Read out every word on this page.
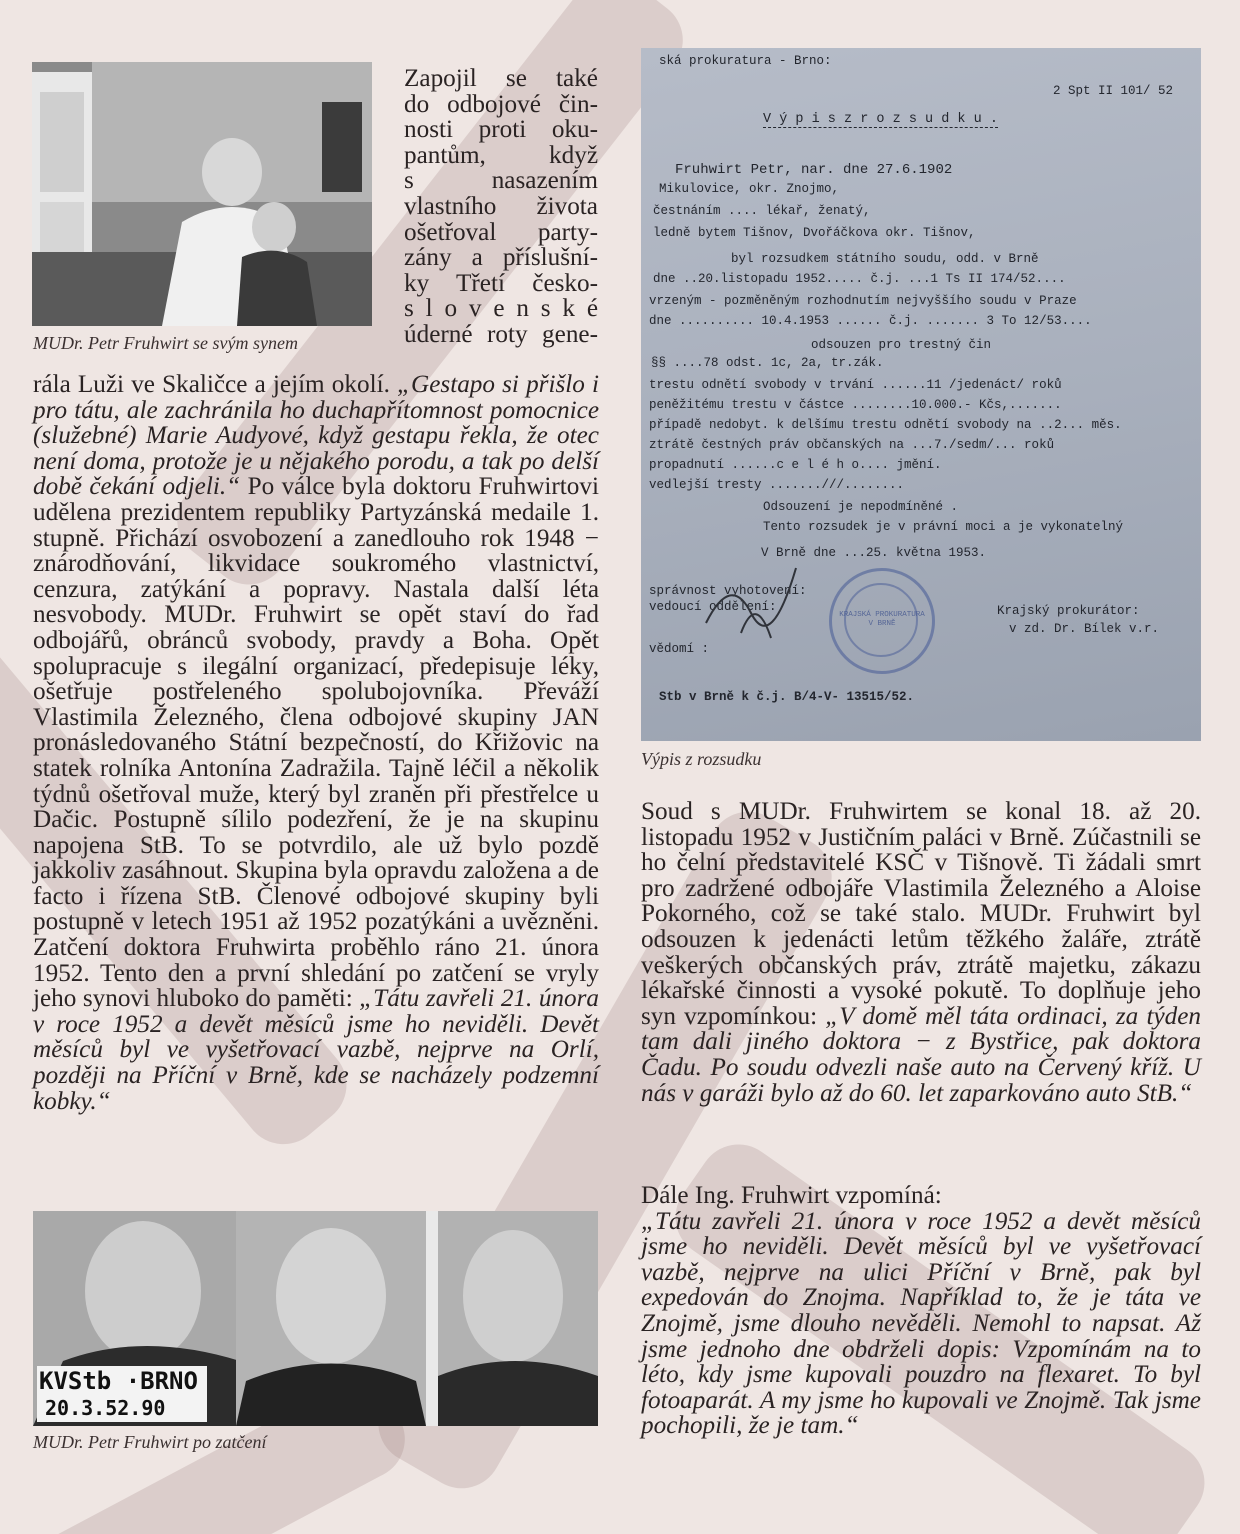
MUDr. Petr Fruhwirt se svým synem
Zapojil se také
do odbojové čin-
nosti proti oku-
pantům, když
s nasazením
vlastního života
ošetřoval party-
zány a příslušní-
ky Třetí česko-
s l o v e n s k é
úderné roty gene-
rála Luži ve Skaličce a jejím okolí. „Gestapo si přišlo i pro tátu, ale zachránila ho duchapřítomnost pomocnice (služebné) Marie Audyové, když gestapu řekla, že otec není doma, protože je u nějakého porodu, a tak po delší době čekání odjeli.“ Po válce byla doktoru Fruhwirtovi udělena prezidentem republiky Partyzánská medaile 1. stupně. Přichází osvobození a zanedlouho rok 1948 − znárodňování, likvidace soukromého vlastnictví, cenzura, zatýkání a popravy. Nastala další léta nesvobody. MUDr. Fruhwirt se opět staví do řad odbojářů, obránců svobody, pravdy a Boha. Opět spolupracuje s ilegální organizací, předepisuje léky, ošetřuje postřeleného spolubojovníka. Převáží Vlastimila Železného, člena odbojové skupiny JAN pronásledovaného Státní bezpečností, do Křižovic na statek rolníka Antonína Zadražila. Tajně léčil a několik týdnů ošetřoval muže, který byl zraněn při přestřelce u Dačic. Postupně sílilo podezření, že je na skupinu napojena StB. To se potvrdilo, ale už bylo pozdě jakkoliv zasáhnout. Skupina byla opravdu založena a de facto i řízena StB. Členové odbojové skupiny byli postupně v letech 1951 až 1952 pozatýkáni a uvězněni. Zatčení doktora Fruhwirta proběhlo ráno 21. února 1952. Tento den a první shledání po zatčení se vryly jeho synovi hluboko do paměti: „Tátu zavřeli 21. února v roce 1952 a devět měsíců jsme ho neviděli. Devět měsíců byl ve vyšetřovací vazbě, nejprve na Orlí, později na Příční v Brně, kde se nacházely podzemní kobky.“
KVStb ·BRNO
20.3.52.90
MUDr. Petr Fruhwirt po zatčení
ská prokuratura - Brno:
2 Spt II 101/ 52
V ý p i s z r o z s u d k u .
Fruhwirt Petr, nar. dne 27.6.1902
Mikulovice, okr. Znojmo,
čestnáním .... lékař, ženatý,
ledně bytem Tišnov, Dvořáčkova okr. Tišnov,
byl rozsudkem státního soudu, odd. v Brně
dne ..20.listopadu 1952..... č.j. ...1 Ts II 174/52....
vrzeným - pozměněným rozhodnutím nejvyššího soudu v Praze
dne .......... 10.4.1953 ...... č.j. ....... 3 To 12/53....
odsouzen pro trestný čin
§§ ....78 odst. 1c, 2a, tr.zák.
trestu odnětí svobody v trvání ......11 /jedenáct/ roků
peněžitému trestu v částce ........10.000.- Kčs,.......
případě nedobyt. k delšímu trestu odnětí svobody na ..2... měs.
ztrátě čestných práv občanských na ...7./sedm/... roků
propadnutí ......c e l é h o.... jmění.
vedlejší tresty .......///........
Odsouzení je nepodmíněné .
Tento rozsudek je v právní moci a je vykonatelný
V Brně dne ...25. května 1953.
správnost vyhotovení:
vedoucí oddělení:	Krajský prokurátor:
v zd. Dr. Bílek v.r.
vědomí :
Stb v Brně k č.j. B/4-V- 13515/52.
KRAJSKÁ PROKURATURA V BRNĚ
Výpis z rozsudku
Soud s MUDr. Fruhwirtem se konal 18. až 20. listopadu 1952 v Justičním paláci v Brně. Zúčastnili se ho čelní představitelé KSČ v Tišnově. Ti žádali smrt pro zadržené odbojáře Vlastimila Železného a Aloise Pokorného, což se také stalo. MUDr. Fruhwirt byl odsouzen k jedenácti letům těžkého žaláře, ztrátě veškerých občanských práv, ztrátě majetku, zákazu lékařské činnosti a vysoké pokutě. To doplňuje jeho syn vzpomínkou: „V domě měl táta ordinaci, za týden tam dali jiného doktora − z Bystřice, pak doktora Čadu. Po soudu odvezli naše auto na Červený kříž. U nás v garáži bylo až do 60. let zaparkováno auto StB.“
Dále Ing. Fruhwirt vzpomíná:
„Tátu zavřeli 21. února v roce 1952 a devět měsíců jsme ho neviděli. Devět měsíců byl ve vyšetřovací vazbě, nejprve na ulici Příční v Brně, pak byl expedován do Znojma. Například to, že je táta ve Znojmě, jsme dlouho nevěděli. Nemohl to napsat. Až jsme jednoho dne obdrželi dopis: Vzpomínám na to léto, kdy jsme kupovali pouzdro na flexaret. To byl fotoaparát. A my jsme ho kupovali ve Znojmě. Tak jsme pochopili, že je tam.“
